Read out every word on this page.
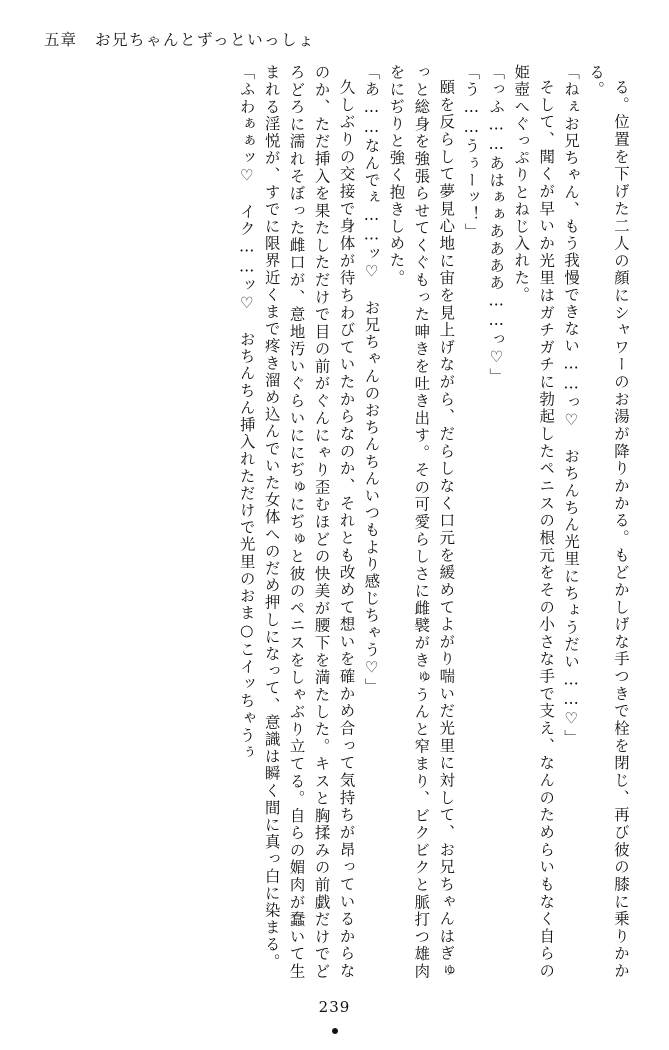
五章 お兄ちゃんとずっといっしょ

る。位置を下げた二人の顔にシャワーのお湯が降りかかる。もどかしげな手つきで栓を閉じ、再び彼の膝に乗りかかる。

「ねぇお兄ちゃん、もう我慢できない……っ♡　おちんちん光里にちょうだい……♡」

そして、聞くが早いか光里はガチガチに勃起したペニスの根元をその小さな手で支え、なんのためらいもなく自らの姫壺へぐっぷりとねじ入れた。

「っふ……あはぁぁああああ……っ♡」

「う……うぅーッ！」

頤を反らして夢見心地に宙を見上げながら、だらしなく口元を緩めてよがり喘いだ光里に対して、お兄ちゃんはぎゅっと総身を強張らせてくぐもった呻きを吐き出す。その可愛らしさに雌襞がきゅうんと窄まり、ビクビクと脈打つ雄肉をにぢりと強く抱きしめた。

「あ……なんでぇ……ッ♡　お兄ちゃんのおちんちんいつもより感じちゃう♡」

久しぶりの交接で身体が待ちわびていたからなのか、それとも改めて想いを確かめ合って気持ちが昂っているからなのか、ただ挿入を果たしただけで目の前がぐんにゃり歪むほどの快美が腰下を満たした。キスと胸揉みの前戯だけでどろどろに濡れそぼった雌口が、意地汚いぐらいににぢゅにぢゅと彼のペニスをしゃぶり立てる。自らの媚肉が蠢いて生まれる淫悦が、すでに限界近くまで疼き溜め込んでいた女体へのだめ押しになって、意識は瞬く間に真っ白に染まる。

「ふわぁぁッ♡　イク……ッ♡　おちんちん挿入れただけで光里のおま○こイッちゃうぅ

239
